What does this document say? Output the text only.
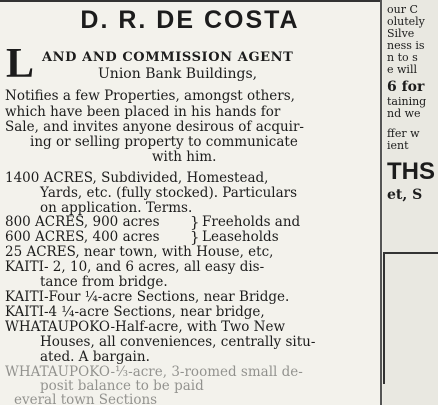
D. R. DE COSTA
L AND AND COMMISSION AGENT

Union Bank Buildings,

Notifies a few Properties, amongst others,

which have been placed in his hands for

Sale, and invites anyone desirous of acquir-

ing or selling property to communicate

with him.

1400 ACRES, Subdivided, Homestead,

Yards, etc. (fully stocked). Particulars

on application. Terms.

800 ACRES, 900 acres } Freeholds and

600 ACRES, 400 acres } Leaseholds

25 ACRES, near town, with House, etc,

KAITI- 2, 10, and 6 acres, all easy dis-

tance from bridge.

KAITI-Four ¼-acre Sections, near Bridge.

KAITI-4 ¼-acre Sections, near bridge,

WHATAUPOKO-Half-acre, with Two New

Houses, all conveniences, centrally situ-

ated. A bargain.

WHATAUPOKO-⅓-acre, 3-roomed small de-

posit balance to be paid

everal town Sections

our C
olutely
Silve
ness is
n to s
e will
6 for
taining
nd we
ffer w
ient
THS
et, S
